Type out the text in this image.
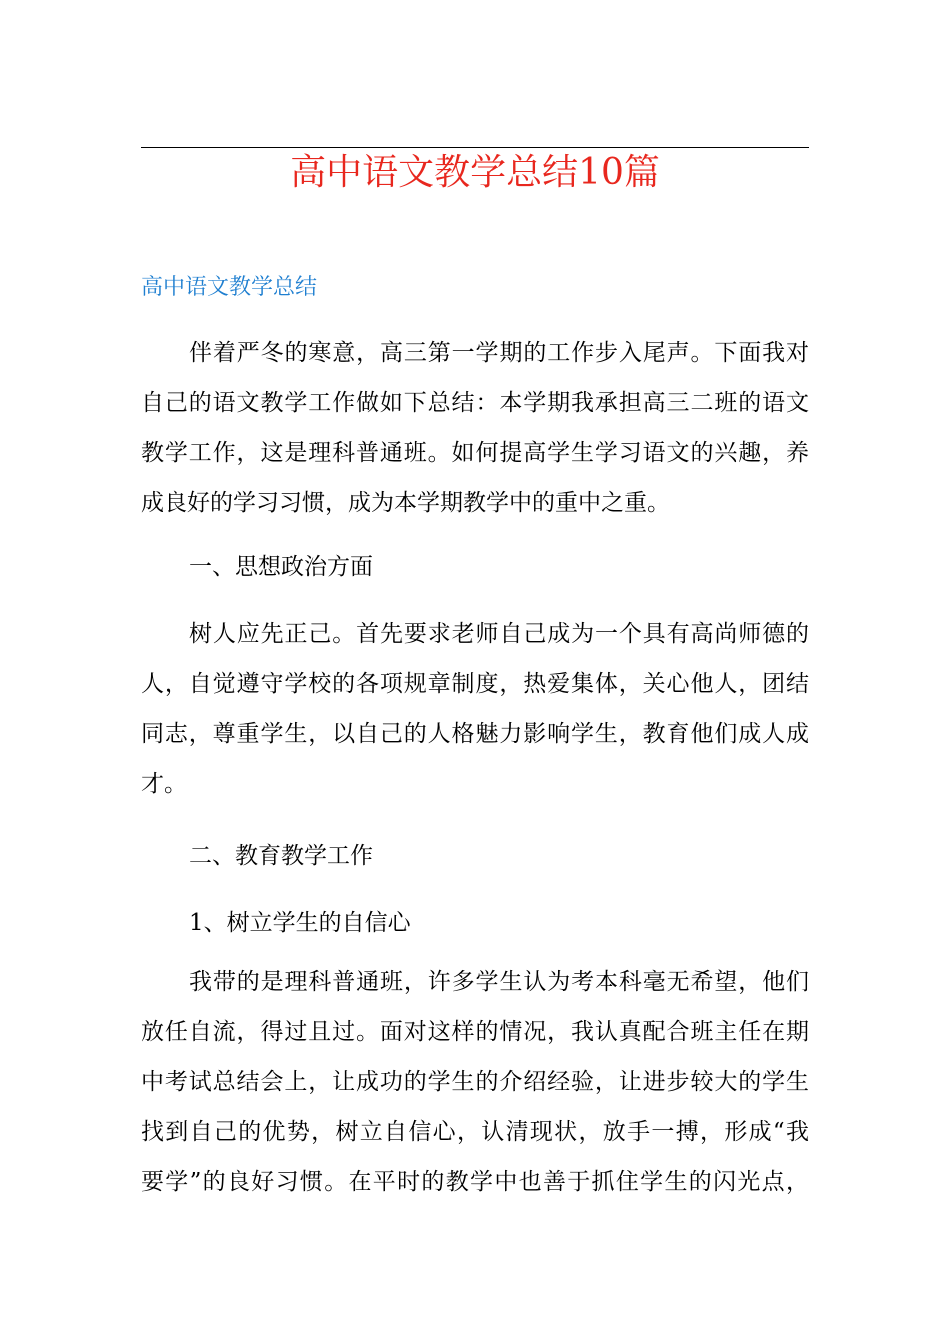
高中语文教学总结10篇
高中语文教学总结
伴着严冬的寒意，高三第一学期的工作步入尾声。下面我对
自己的语文教学工作做如下总结：本学期我承担高三二班的语文
教学工作，这是理科普通班。如何提高学生学习语文的兴趣，养
成良好的学习习惯，成为本学期教学中的重中之重。
一、思想政治方面
树人应先正己。首先要求老师自己成为一个具有高尚师德的
人，自觉遵守学校的各项规章制度，热爱集体，关心他人，团结
同志，尊重学生，以自己的人格魅力影响学生，教育他们成人成
才。
二、教育教学工作
1、树立学生的自信心
我带的是理科普通班，许多学生认为考本科毫无希望，他们
放任自流，得过且过。面对这样的情况，我认真配合班主任在期
中考试总结会上，让成功的学生的介绍经验，让进步较大的学生
找到自己的优势，树立自信心，认清现状，放手一搏，形成“我
要学”的良好习惯。在平时的教学中也善于抓住学生的闪光点，
